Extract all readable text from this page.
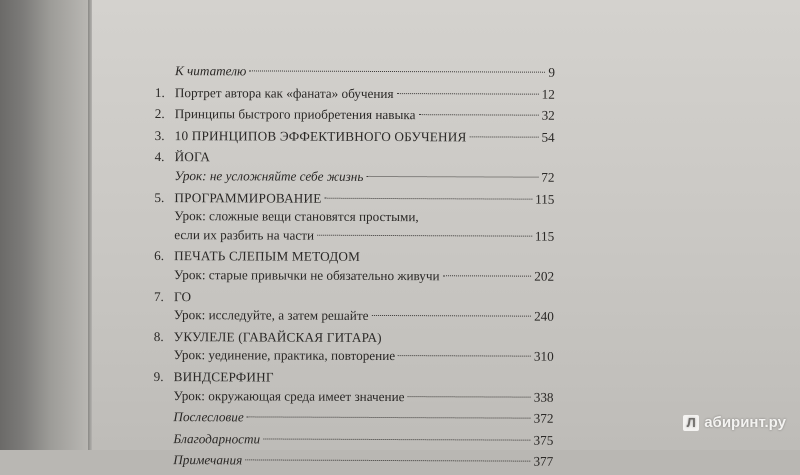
К читателю	9
1. Портрет автора как «фаната» обучения	12
2. Принципы быстрого приобретения навыка	32
3. 10 ПРИНЦИПОВ ЭФФЕКТИВНОГО ОБУЧЕНИЯ	54
4. ЙОГА
Урок: не усложняйте себе жизнь	72
5. ПРОГРАММИРОВАНИЕ	115
Урок: сложные вещи становятся простыми,
если их разбить на части	115
6. ПЕЧАТЬ СЛЕПЫМ МЕТОДОМ
Урок: старые привычки не обязательно живучи	202
7. ГО
Урок: исследуйте, а затем решайте	240
8. УКУЛЕЛЕ (ГАВАЙСКАЯ ГИТАРА)
Урок: уединение, практика, повторение	310
9. ВИНДСЕРФИНГ
Урок: окружающая среда имеет значение	338
Послесловие	372
Благодарности	375
Примечания	377
Л абиринт.ру
